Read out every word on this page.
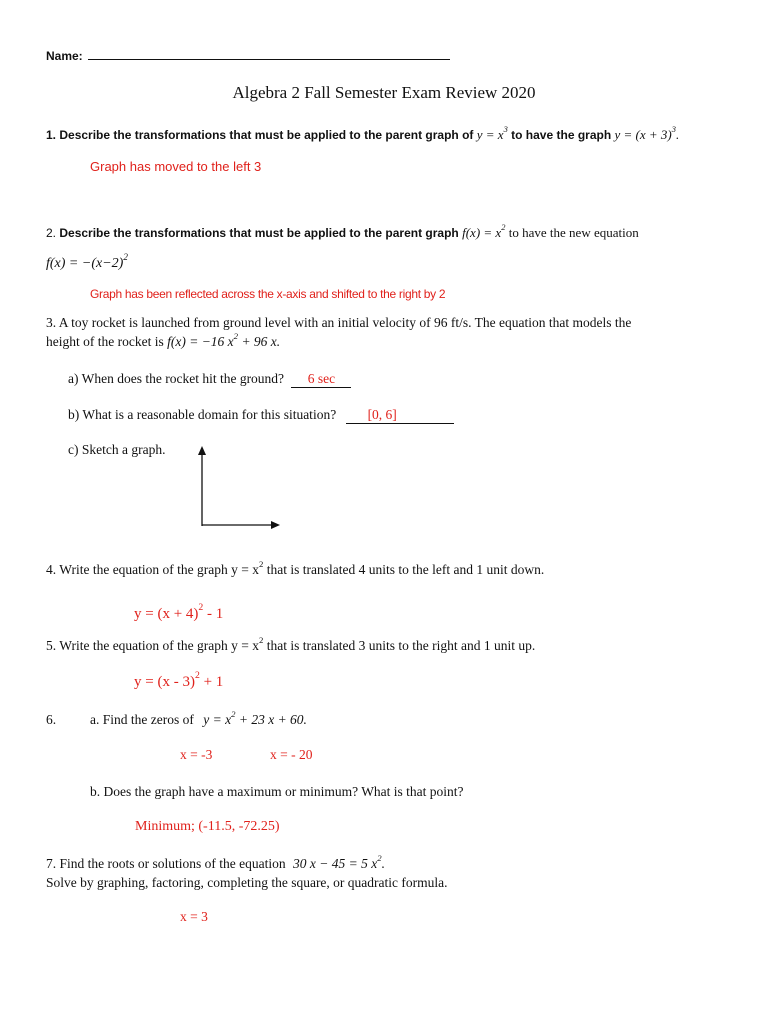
Name:
Algebra 2 Fall Semester Exam Review 2020
1. Describe the transformations that must be applied to the parent graph of $y = x^3$ to have the graph $y = (x + 3)^3$.
Graph has moved to the left 3
2. Describe the transformations that must be applied to the parent graph $f(x) = x^2$ to have the new equation
$f(x) = -(x-2)^2$
Graph has been reflected across the x-axis and shifted to the right by 2
3. A toy rocket is launched from ground level with an initial velocity of 96 ft/s. The equation that models the
height of the rocket is f(x) = −16 $x^2 + 96$ x.
a) When does the rocket hit the ground? 6 sec
b) What is a reasonable domain for this situation? [0, 6]
c) Sketch a graph.
4. Write the equation of the graph $y = x^2$ that is translated 4 units to the left and 1 unit down.
$y = (x + 4)^2 - 1$
5. Write the equation of the graph $y = x^2$ that is translated 3 units to the right and 1 unit up.
y = (x - 3)$^2$ + 1
6.	a. Find the zeros of $y = x^2 + 23$ x + 60.
x = -3	x = - 20
b. Does the graph have a maximum or minimum? What is that point?
Minimum; (-11.5, -72.25)
7. Find the roots or solutions of the equation 30 x − 45 = 5 $x^2$.
Solve by graphing, factoring, completing the square, or quadratic formula.
x = 3
